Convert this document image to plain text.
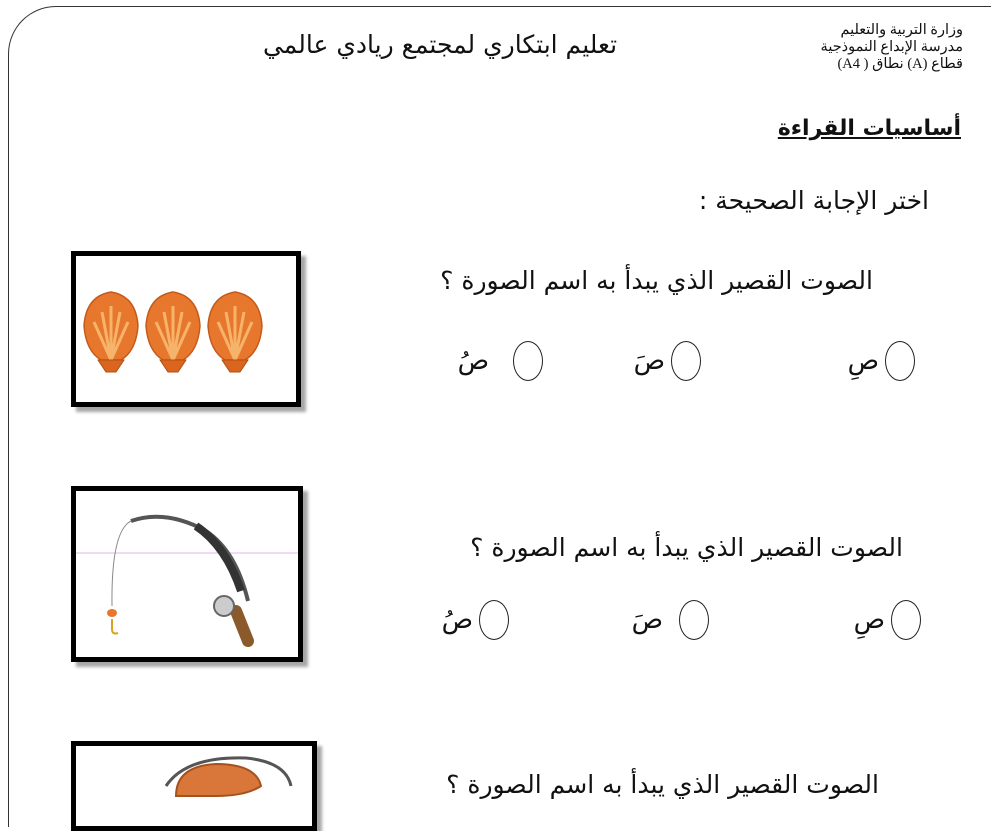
وزارة التربية والتعليم
مدرسة الإبداع النموذجية
قطاع (A) نطاق ( A4)
تعليم ابتكاري لمجتمع ريادي عالمي
أساسيات القراءة
اختر الإجابة الصحيحة :
الصوت القصير الذي يبدأ به اسم الصورة ؟
صِ
صَ
صُ
الصوت القصير الذي يبدأ به اسم الصورة ؟
صِ
صَ
صُ
الصوت القصير الذي يبدأ به اسم الصورة ؟
